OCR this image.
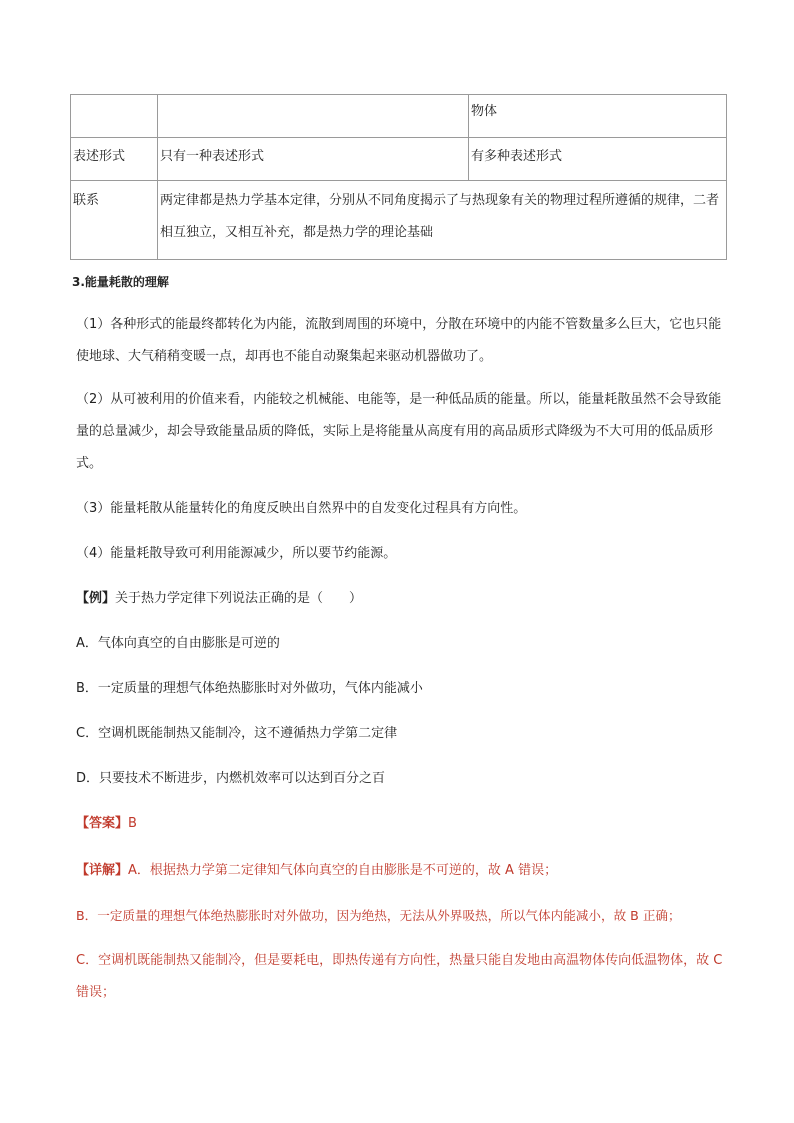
		物体
表述形式	只有一种表述形式	有多种表述形式
联系	两定律都是热力学基本定律，分别从不同角度揭示了与热现象有关的物理过程所遵循的规律，二者相互独立，又相互补充，都是热力学的理论基础	
3.能量耗散的理解
（1）各种形式的能最终都转化为内能，流散到周围的环境中，分散在环境中的内能不管数量多么巨大，它也只能使地球、大气稍稍变暖一点，却再也不能自动聚集起来驱动机器做功了。
（2）从可被利用的价值来看，内能较之机械能、电能等，是一种低品质的能量。所以，能量耗散虽然不会导致能量的总量减少，却会导致能量品质的降低，实际上是将能量从高度有用的高品质形式降级为不大可用的低品质形式。
（3）能量耗散从能量转化的角度反映出自然界中的自发变化过程具有方向性。
（4）能量耗散导致可利用能源减少，所以要节约能源。
【例】关于热力学定律下列说法正确的是（　　）
A．气体向真空的自由膨胀是可逆的
B．一定质量的理想气体绝热膨胀时对外做功，气体内能减小
C．空调机既能制热又能制冷，这不遵循热力学第二定律
D．只要技术不断进步，内燃机效率可以达到百分之百
【答案】B
【详解】A．根据热力学第二定律知气体向真空的自由膨胀是不可逆的，故 A 错误；
B．一定质量的理想气体绝热膨胀时对外做功，因为绝热，无法从外界吸热，所以气体内能减小，故 B 正确；
C．空调机既能制热又能制冷，但是要耗电，即热传递有方向性，热量只能自发地由高温物体传向低温物体，故 C 错误；
